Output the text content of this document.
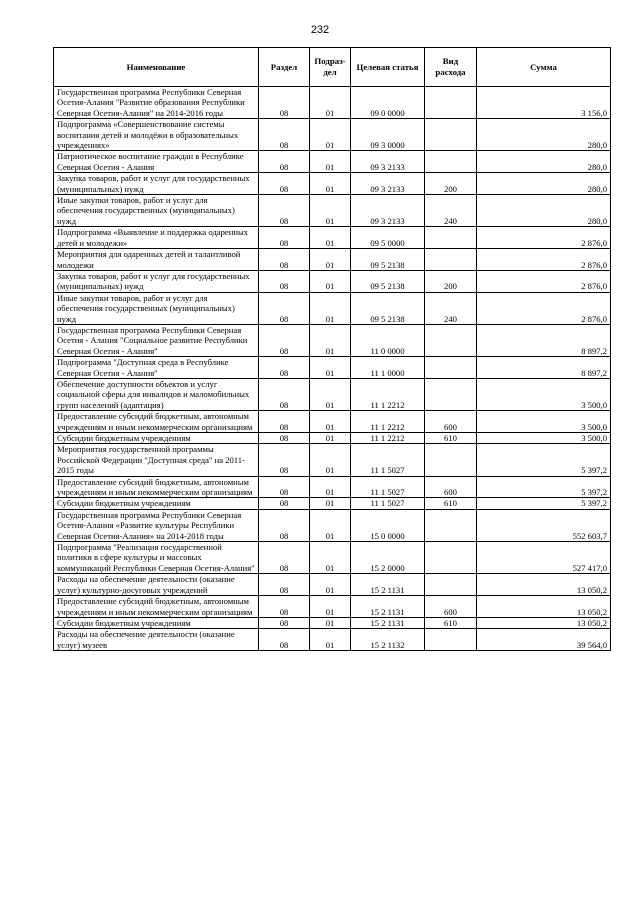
232
Наименование	Раздел	Подраз-дел	Целевая статья	Вид расхода	Сумма
Государственная программа Республики Северная Осетия-Алания "Развитие образования Республики Северная Осетия-Алания" на 2014-2016 годы	08	01	09 0 0000		3 156,0
Подпрограмма «Совершенствование системы воспитания детей и молодёжи в образовательных учреждениях»	08	01	09 3 0000		280,0
Патриотическое воспитание граждан в Республике Северная Осетия - Алания	08	01	09 3 2133		280,0
Закупка товаров, работ и услуг для государственных (муниципальных) нужд	08	01	09 3 2133	200	280,0
Иные закупки товаров, работ и услуг для обеспечения государственных (муниципальных) нужд	08	01	09 3 2133	240	280,0
Подпрограмма «Выявление и поддержка одаренных детей и молодежи»	08	01	09 5 0000		2 876,0
Мероприятия для одаренных детей и талантливой молодежи	08	01	09 5 2138		2 876,0
Закупка товаров, работ и услуг для государственных (муниципальных) нужд	08	01	09 5 2138	200	2 876,0
Иные закупки товаров, работ и услуг для обеспечения государственных (муниципальных) нужд	08	01	09 5 2138	240	2 876,0
Государственная программа Республики Северная Осетия - Алания "Социальное развитие Республики Северная Осетия - Алания"	08	01	11 0 0000		8 897,2
Подпрограмма "Доступная среда в Республике Северная Осетия - Алания"	08	01	11 1 0000		8 897,2
Обеспечение доступности объектов и услуг социальной сферы для инвалидов и маломобильных групп населений (адаптация)	08	01	11 1 2212		3 500,0
Предоставление субсидий бюджетным, автономным учреждениям и иным некоммерческим организациям	08	01	11 1 2212	600	3 500,0
Субсидии бюджетным учреждениям	08	01	11 1 2212	610	3 500,0
Мероприятия государственной программы Российской Федерации "Доступная среда" на 2011-2015 годы	08	01	11 1 5027		5 397,2
Предоставление субсидий бюджетным, автономным учреждениям и иным некоммерческим организациям	08	01	11 1 5027	600	5 397,2
Субсидии бюджетным учреждениям	08	01	11 1 5027	610	5 397,2
Государственная программа Республики Северная Осетия-Алания «Развитие культуры Республики Северная Осетия-Алания» на 2014-2018 годы	08	01	15 0 0000		552 603,7
Подпрограмма "Реализация государственной политики в сфере культуры и массовых коммуникаций Республики Северная Осетия-Алания"	08	01	15 2 0000		527 417,0
Расходы на обеспечение деятельности (оказание услуг) культурно-досуговых учреждений	08	01	15 2 1131		13 050,2
Предоставление субсидий бюджетным, автономным учреждениям и иным некоммерческим организациям	08	01	15 2 1131	600	13 050,2
Субсидии бюджетным учреждениям	08	01	15 2 1131	610	13 050,2
Расходы на обеспечение деятельности (оказание услуг) музеев	08	01	15 2 1132		39 564,0
